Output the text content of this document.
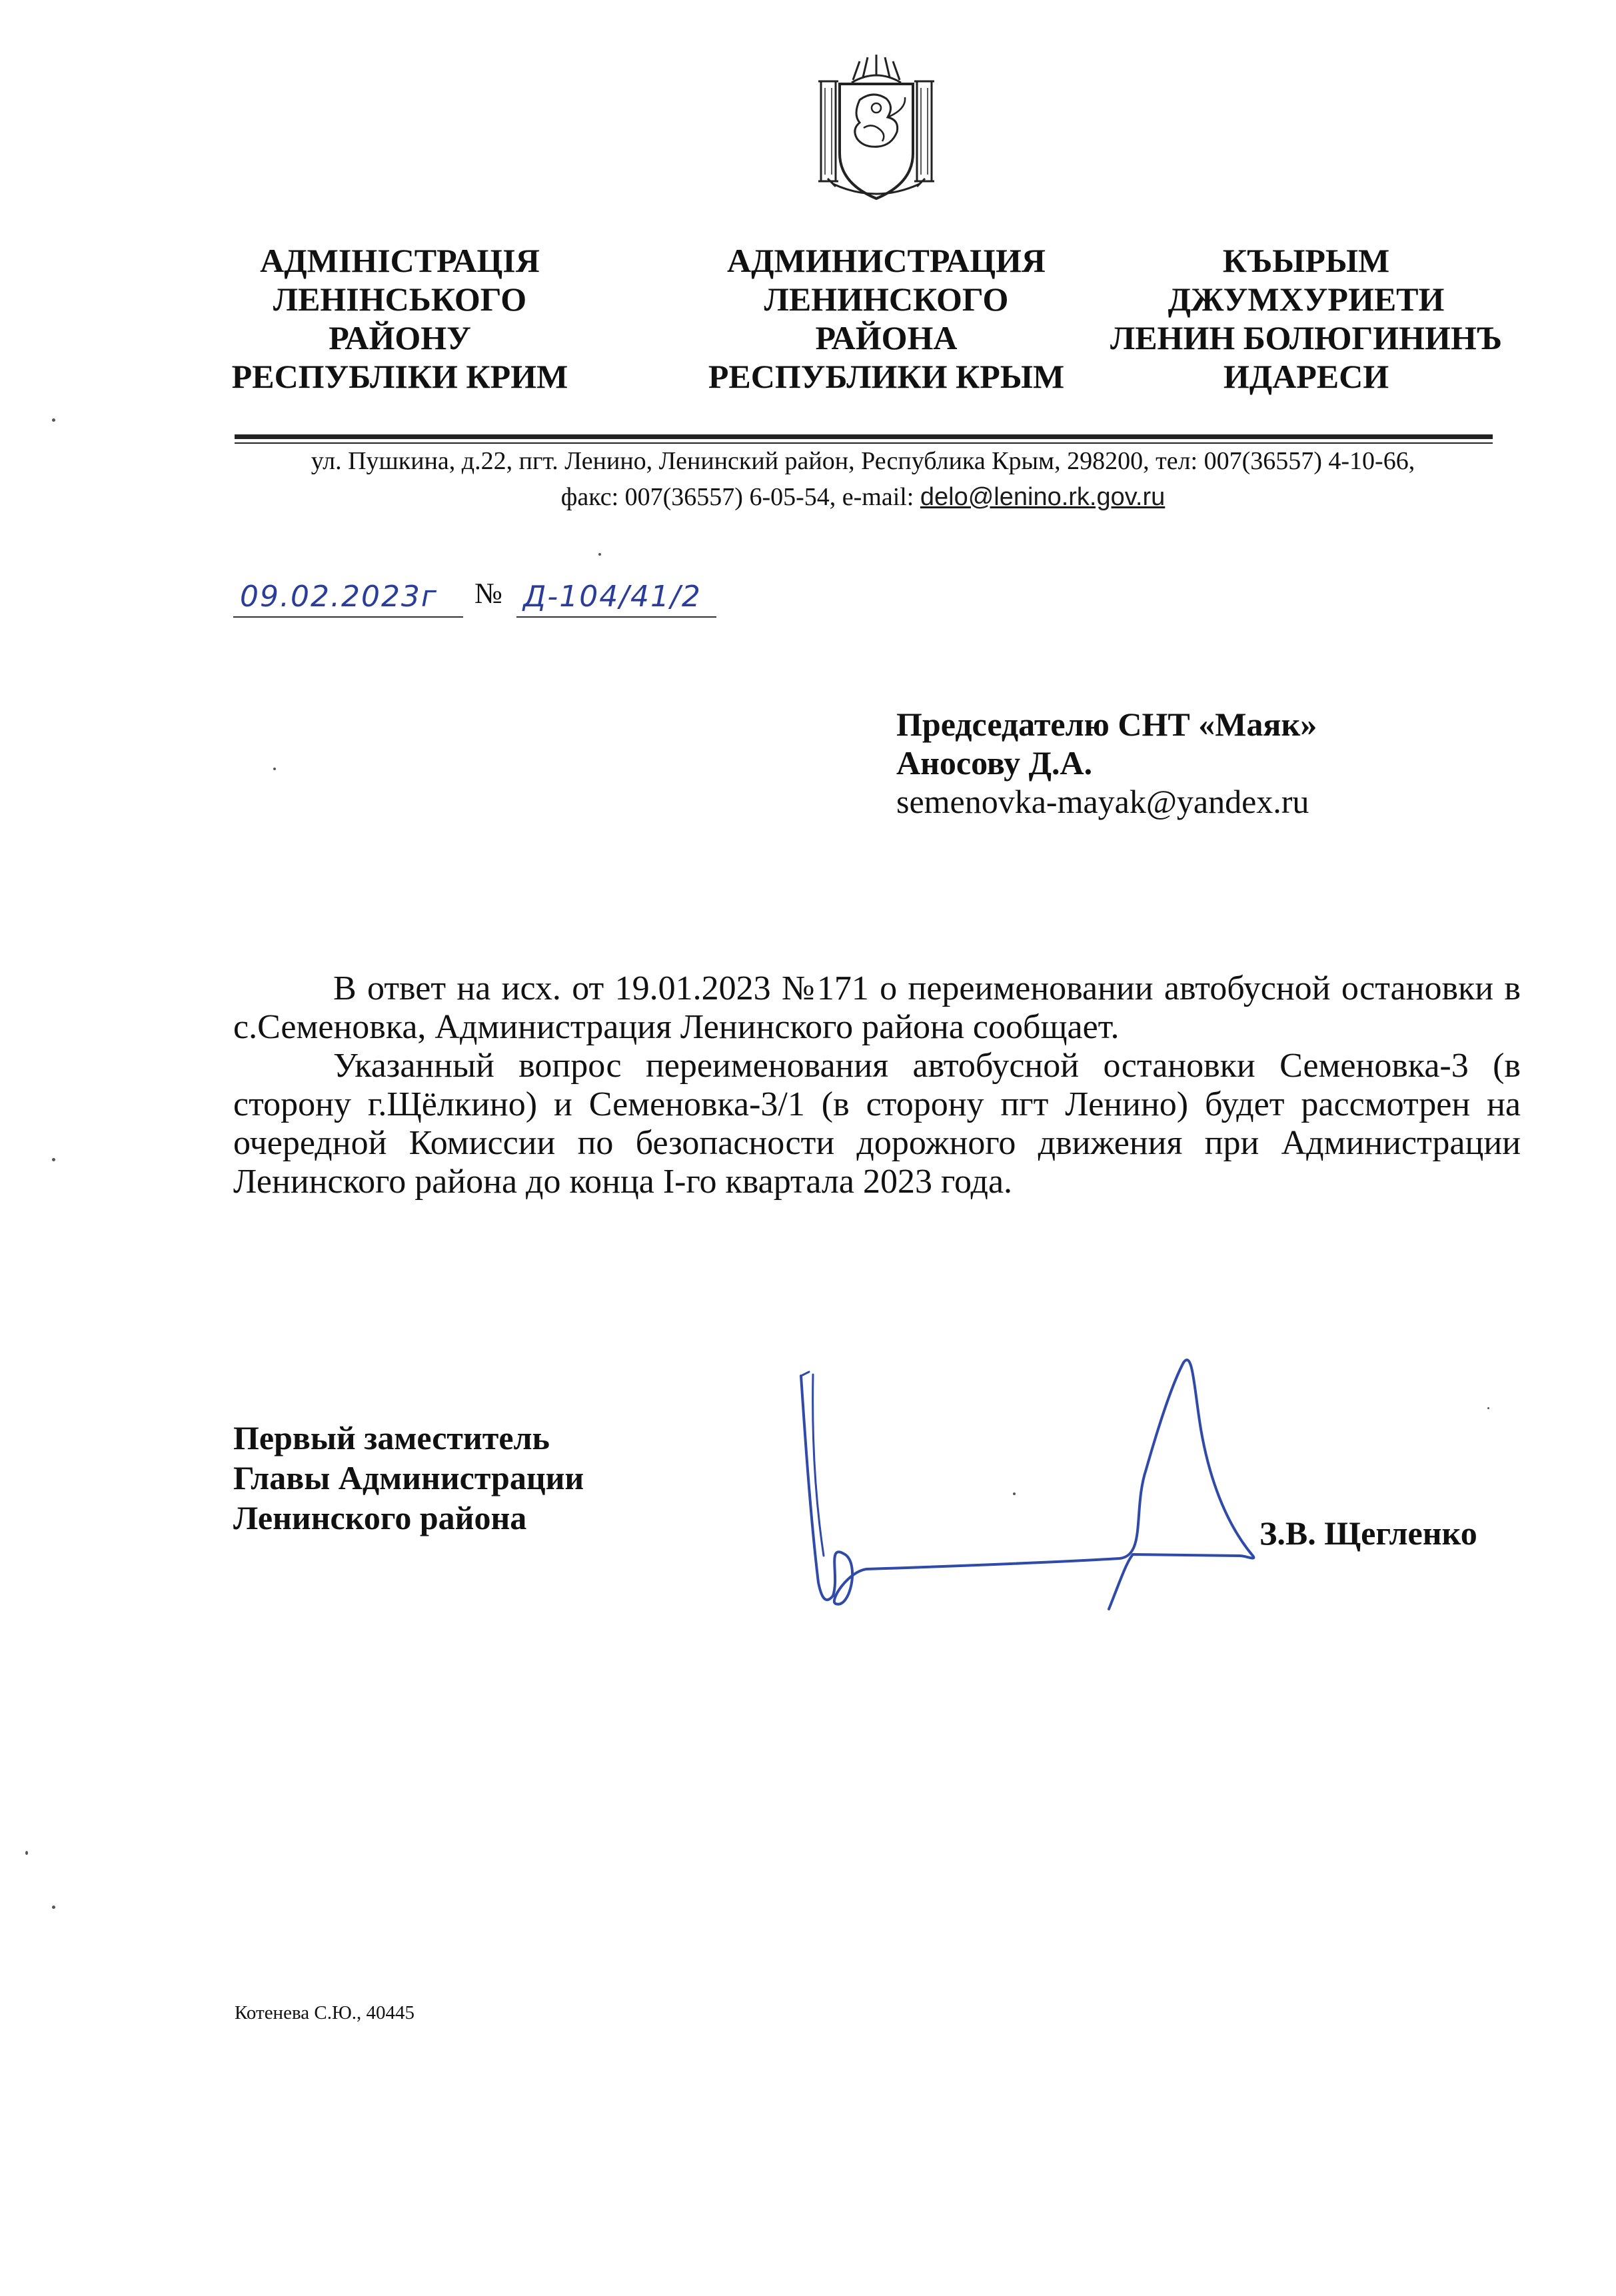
АДМІНІСТРАЦІЯ
ЛЕНІНСЬКОГО
РАЙОНУ
РЕСПУБЛІКИ КРИМ
АДМИНИСТРАЦИЯ
ЛЕНИНСКОГО
РАЙОНА
РЕСПУБЛИКИ КРЫМ
КЪЫРЫМ
ДЖУМХУРИЕТИ
ЛЕНИН БОЛЮГИНИНЪ
ИДАРЕСИ
ул. Пушкина, д.22, пгт. Ленино, Ленинский район, Республика Крым, 298200, тел: 007(36557) 4-10-66,
факс: 007(36557) 6-05-54, e-mail: delo@lenino.rk.gov.ru
09.02.2023г № Д-104/41/2
Председателю СНТ «Маяк»
Аносову Д.А.
semenovka-mayak@yandex.ru

В ответ на исх. от 19.01.2023 №171 о переименовании автобусной остановки в с.Семеновка, Администрация Ленинского района сообщает.

Указанный вопрос переименования автобусной остановки Семеновка-3 (в сторону г.Щёлкино) и Семеновка-3/1 (в сторону пгт Ленино) будет рассмотрен на очередной Комиссии по безопасности дорожного движения при Администрации Ленинского района до конца I-го квартала 2023 года.

Первый заместитель
Главы Администрации
Ленинского района	З.В. Щегленко
Котенева С.Ю., 40445
